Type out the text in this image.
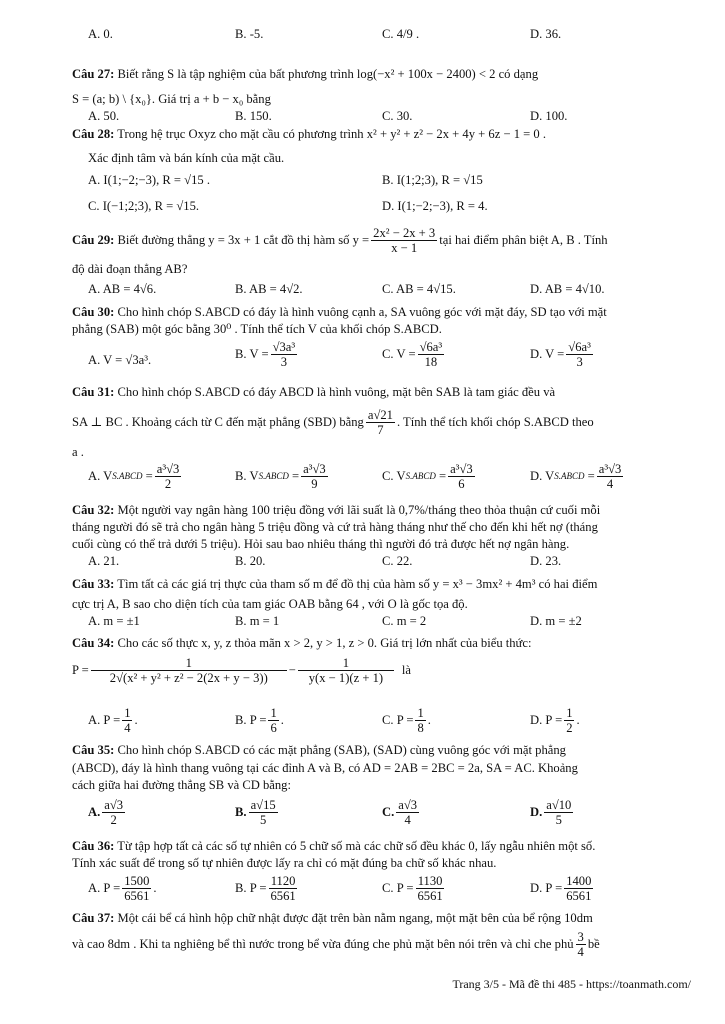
A. 0.	B. -5.	C. 4/9 .	D. 36.
Câu 27: Biết rằng S là tập nghiệm của bất phương trình log(−x² + 100x − 2400) < 2 có dạng
S = (a; b) \ {x₀}. Giá trị a + b − x₀ bằng
A. 50.	B. 150.	C. 30.	D. 100.
Câu 28: Trong hệ trục Oxyz cho mặt cầu có phương trình x² + y² + z² − 2x + 4y + 6z − 1 = 0 .
Xác định tâm và bán kính của mặt cầu.
A. I(1;−2;−3), R = √15 .	B. I(1;2;3), R = √15
C. I(−1;2;3), R = √15.	D. I(1;−2;−3), R = 4.
Câu 29:
Biết đường thẳng y = 3x + 1 cắt đồ thị hàm số $y = \frac{\text{2x² − 2x + 3}}{x - 1}$ tại hai điểm phân biệt A, B . Tính
độ dài đoạn thẳng AB?
A. AB = 4√6.	B. AB = 4√2.	C. AB = 4√15.	D. AB = 4√10.
Câu 30: Cho hình chóp S.ABCD có đáy là hình vuông cạnh a, SA vuông góc với mặt đáy, SD tạo với mặt
phẳng (SAB) một góc bằng 30⁰ . Tính thể tích V của khối chóp S.ABCD.
A. V = √3a³.	B. $V = \frac{\text{√3a³}}{3}$	C. $V = \frac{\text{√6a³}}{18}$	D. $V = \frac{\text{√6a³}}{3}$
Câu 31: Cho hình chóp S.ABCD có đáy ABCD là hình vuông, mặt bên SAB là tam giác đều và
SA ⊥ BC . Khoảng cách từ C đến mặt phẳng (SBD) bằng $\frac{a√21}{7}$ . Tính thể tích khối chóp S.ABCD theo
a .
A. V S.ABCD = $\frac{\text{a³√3}}{2}$	B. V S.ABCD = $\frac{\text{a³√3}}{9}$	C. V S.ABCD = $\frac{\text{a³√3}}{6}$	D. V S.ABCD = $\frac{\text{a³√3}}{4}$
Câu 32: Một người vay ngân hàng 100 triệu đồng với lãi suất là 0,7%/tháng theo thỏa thuận cứ cuối mỗi
tháng người đó sẽ trả cho ngân hàng 5 triệu đồng và cứ trả hàng tháng như thế cho đến khi hết nợ (tháng
cuối cùng có thể trả dưới 5 triệu). Hỏi sau bao nhiêu tháng thì người đó trả được hết nợ ngân hàng.
A. 21.	B. 20.	C. 22.	D. 23.
Câu 33: Tìm tất cả các giá trị thực của tham số m để đồ thị của hàm số y = x³ − 3mx² + 4m³ có hai điểm
cực trị A, B sao cho diện tích của tam giác OAB bằng 64 , với O là gốc tọa độ.
A. m = ±1	B. m = 1	C. m = 2	D. m = ±2
Câu 34: Cho các số thực x, y, z thỏa mãn x > 2, y > 1, z > 0. Giá trị lớn nhất của biểu thức:
$P = \frac{1}{\text{2√(x² + y² + z² − 2(2x + y − 3))}} - \frac{1}{y(x - 1)(z + 1)}$ là
A. $P = \frac{1}{4}$ .	B. $P = \frac{1}{6}$ .	C. $P = \frac{1}{8}$ .	D. $P = \frac{1}{2}$ .
Câu 35: Cho hình chóp S.ABCD có các mặt phẳng (SAB), (SAD) cùng vuông góc với mặt phẳng
(ABCD), đáy là hình thang vuông tại các đỉnh A và B, có AD = 2AB = 2BC = 2a, SA = AC. Khoảng
cách giữa hai đường thẳng SB và CD bằng:
A. $\frac{a√3}{2}$	B. $\frac{a√15}{5}$	C. $\frac{a√3}{4}$	D. $\frac{a√10}{5}$
Câu 36: Từ tập hợp tất cả các số tự nhiên có 5 chữ số mà các chữ số đều khác 0, lấy ngẫu nhiên một số.
Tính xác suất để trong số tự nhiên được lấy ra chỉ có mặt đúng ba chữ số khác nhau.
A. $P = \frac{1500}{6561}$ .	B. $P = \frac{1120}{6561}$	C. $P = \frac{1130}{6561}$	D. $P = \frac{1400}{6561}$
Câu 37: Một cái bể cá hình hộp chữ nhật được đặt trên bàn nằm ngang, một mặt bên của bể rộng 10dm
và cao 8dm . Khi ta nghiêng bể thì nước trong bể vừa đúng che phủ mặt bên nói trên và chỉ che phủ $\frac{3}{4}$ bề
Trang 3/5 - Mã đề thi 485 - https://toanmath.com/
